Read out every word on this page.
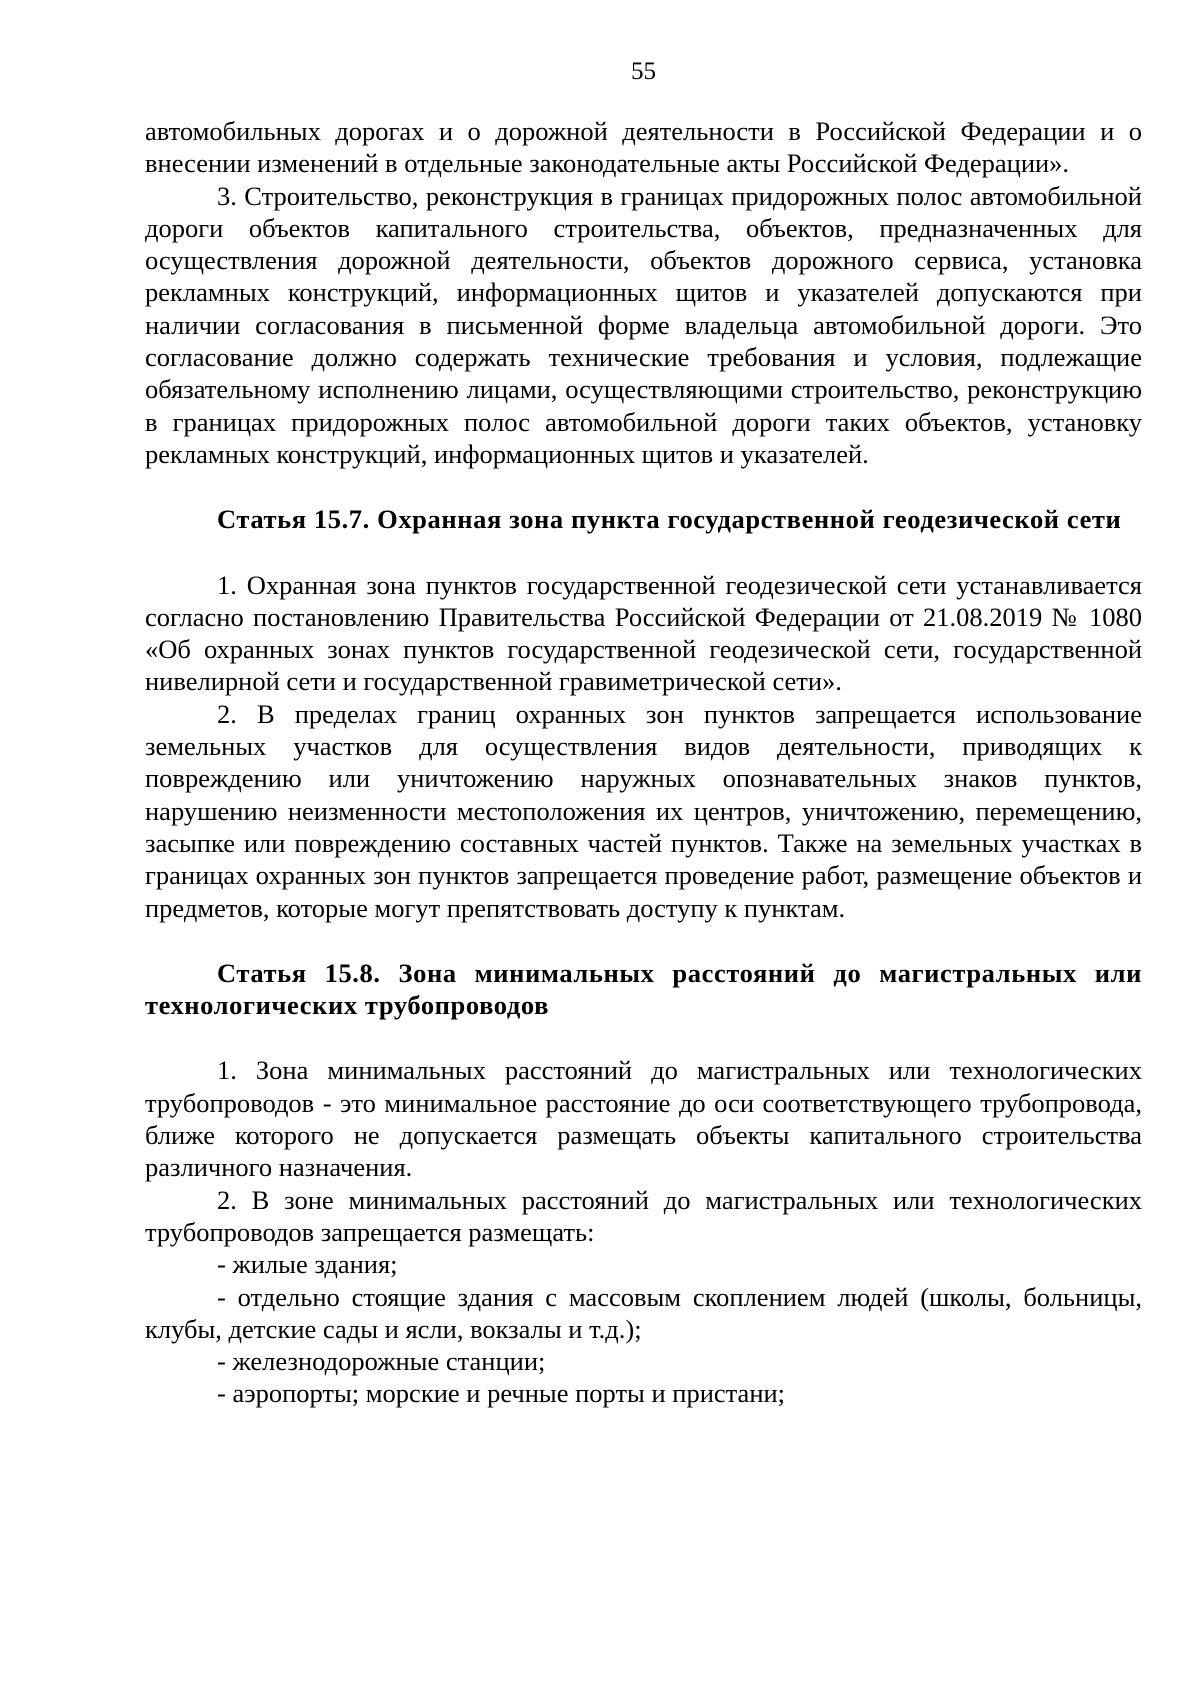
55

автомобильных дорогах и о дорожной деятельности в Российской Федерации и о внесении изменений в отдельные законодательные акты Российской Федерации».

3. Строительство, реконструкция в границах придорожных полос автомобильной дороги объектов капитального строительства, объектов, предназначенных для осуществления дорожной деятельности, объектов дорожного сервиса, установка рекламных конструкций, информационных щитов и указателей допускаются при наличии согласования в письменной форме владельца автомобильной дороги. Это согласование должно содержать технические требования и условия, подлежащие обязательному исполнению лицами, осуществляющими строительство, реконструкцию в границах придорожных полос автомобильной дороги таких объектов, установку рекламных конструкций, информационных щитов и указателей.

Статья 15.7. Охранная зона пункта государственной геодезической сети

1. Охранная зона пунктов государственной геодезической сети устанавливается согласно постановлению Правительства Российской Федерации от 21.08.2019 № 1080 «Об охранных зонах пунктов государственной геодезической сети, государственной нивелирной сети и государственной гравиметрической сети».

2. В пределах границ охранных зон пунктов запрещается использование земельных участков для осуществления видов деятельности, приводящих к повреждению или уничтожению наружных опознавательных знаков пунктов, нарушению неизменности местоположения их центров, уничтожению, перемещению, засыпке или повреждению составных частей пунктов. Также на земельных участках в границах охранных зон пунктов запрещается проведение работ, размещение объектов и предметов, которые могут препятствовать доступу к пунктам.

Статья 15.8. Зона минимальных расстояний до магистральных или технологических трубопроводов

1. Зона минимальных расстояний до магистральных или технологических трубопроводов - это минимальное расстояние до оси соответствующего трубопровода, ближе которого не допускается размещать объекты капитального строительства различного назначения.

2. В зоне минимальных расстояний до магистральных или технологических трубопроводов запрещается размещать:

- жилые здания;

- отдельно стоящие здания с массовым скоплением людей (школы, больницы, клубы, детские сады и ясли, вокзалы и т.д.);

- железнодорожные станции;

- аэропорты; морские и речные порты и пристани;
